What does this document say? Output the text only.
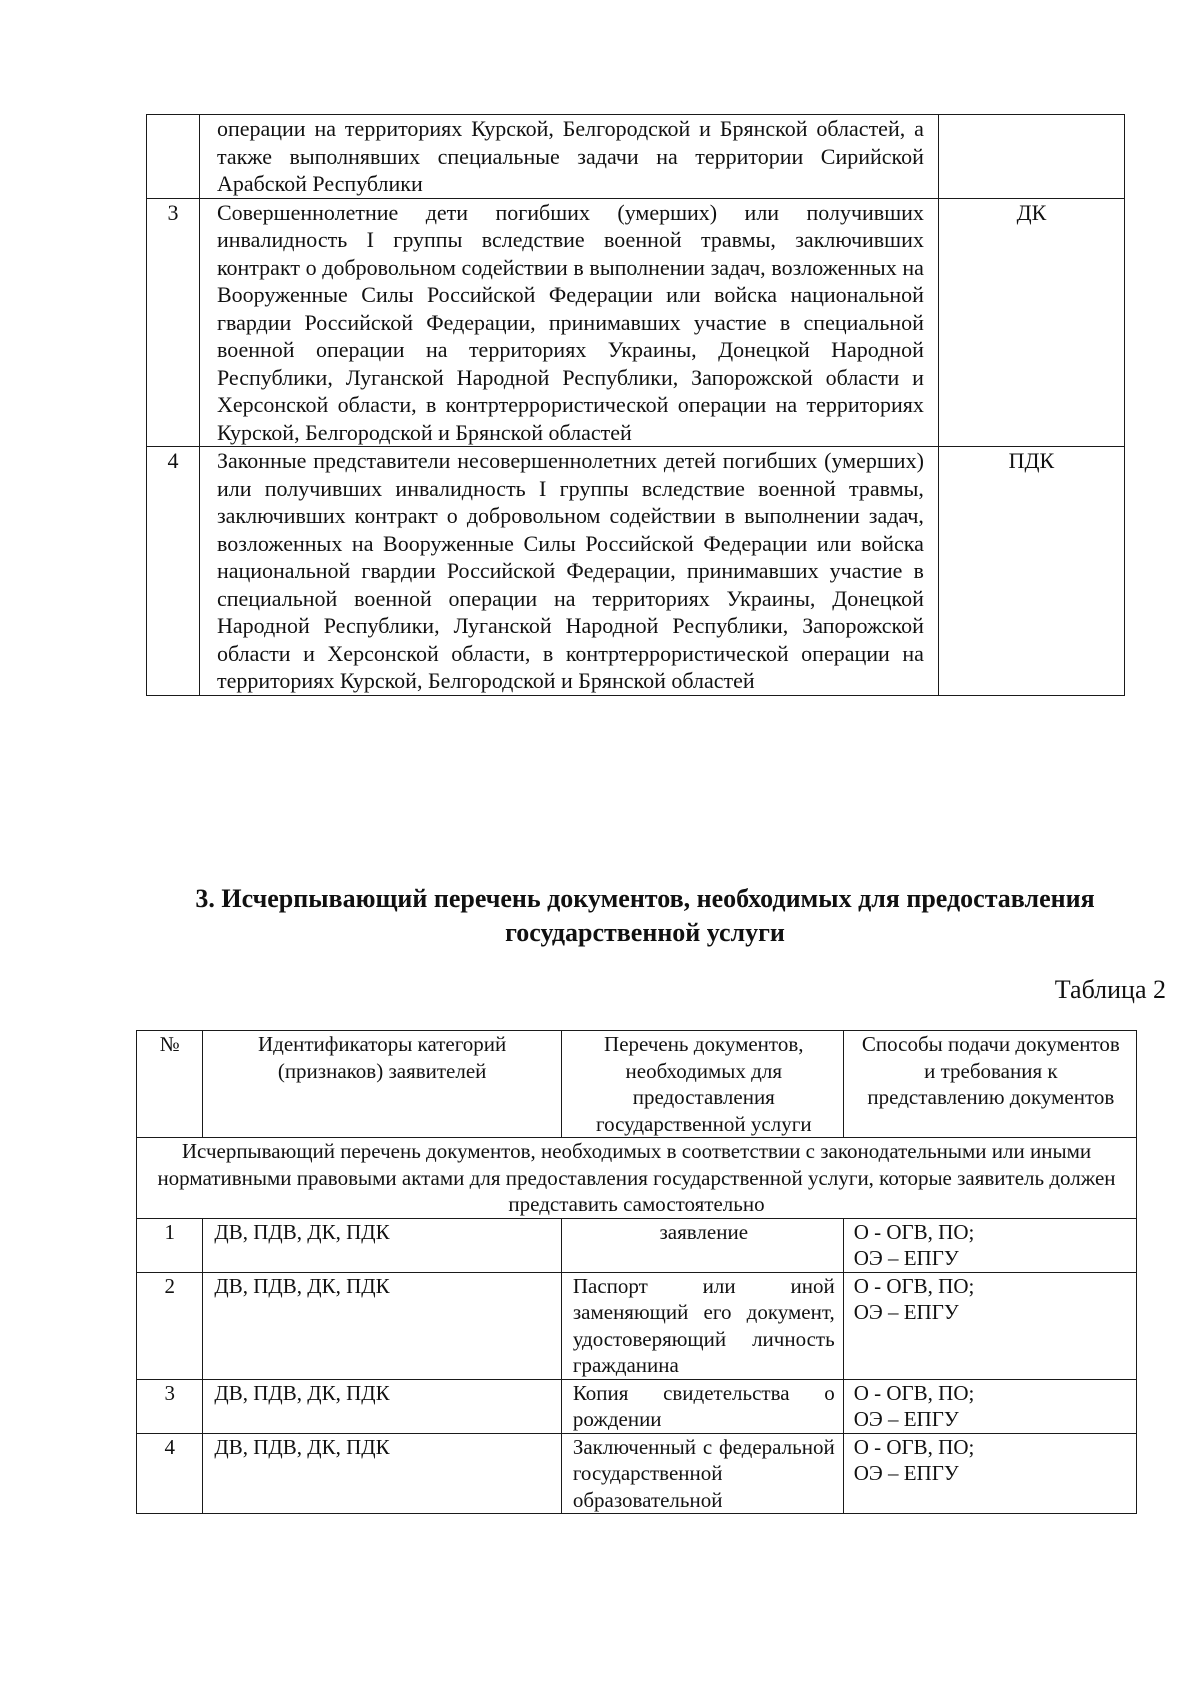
	операции на территориях Курской, Белгородской и Брянской областей, а также выполнявших специальные задачи на территории Сирийской Арабской Республики	
3	Совершеннолетние дети погибших (умерших) или получивших инвалидность I группы вследствие военной травмы, заключивших контракт о добровольном содействии в выполнении задач, возложенных на Вооруженные Силы Российской Федерации или войска национальной гвардии Российской Федерации, принимавших участие в специальной военной операции на территориях Украины, Донецкой Народной Республики, Луганской Народной Республики, Запорожской области и Херсонской области, в контртеррористической операции на территориях Курской, Белгородской и Брянской областей	ДК
4	Законные представители несовершеннолетних детей погибших (умерших) или получивших инвалидность I группы вследствие военной травмы, заключивших контракт о добровольном содействии в выполнении задач, возложенных на Вооруженные Силы Российской Федерации или войска национальной гвардии Российской Федерации, принимавших участие в специальной военной операции на территориях Украины, Донецкой Народной Республики, Луганской Народной Республики, Запорожской области и Херсонской области, в контртеррористической операции на территориях Курской, Белгородской и Брянской областей	ПДК
3. Исчерпывающий перечень документов, необходимых для предоставления государственной услуги

Таблица 2

№	Идентификаторы категорий (признаков) заявителей	Перечень документов, необходимых для предоставления государственной услуги	Способы подачи документов и требования к представлению документов
Исчерпывающий перечень документов, необходимых в соответствии с законодательными или иными нормативными правовыми актами для предоставления государственной услуги, которые заявитель должен представить самостоятельно			
1	ДВ, ПДВ, ДК, ПДК	заявление	О - ОГВ, ПО;
ОЭ – ЕПГУ

2	ДВ, ПДВ, ДК, ПДК	Паспорт или иной заменяющий его документ, удостоверяющий личность гражданина	О - ОГВ, ПО;
ОЭ – ЕПГУ

3	ДВ, ПДВ, ДК, ПДК	Копия свидетельства о рождении	О - ОГВ, ПО;
ОЭ – ЕПГУ

4	ДВ, ПДВ, ДК, ПДК	Заключенный с федеральной государственной образовательной	О - ОГВ, ПО;
ОЭ – ЕПГУ
